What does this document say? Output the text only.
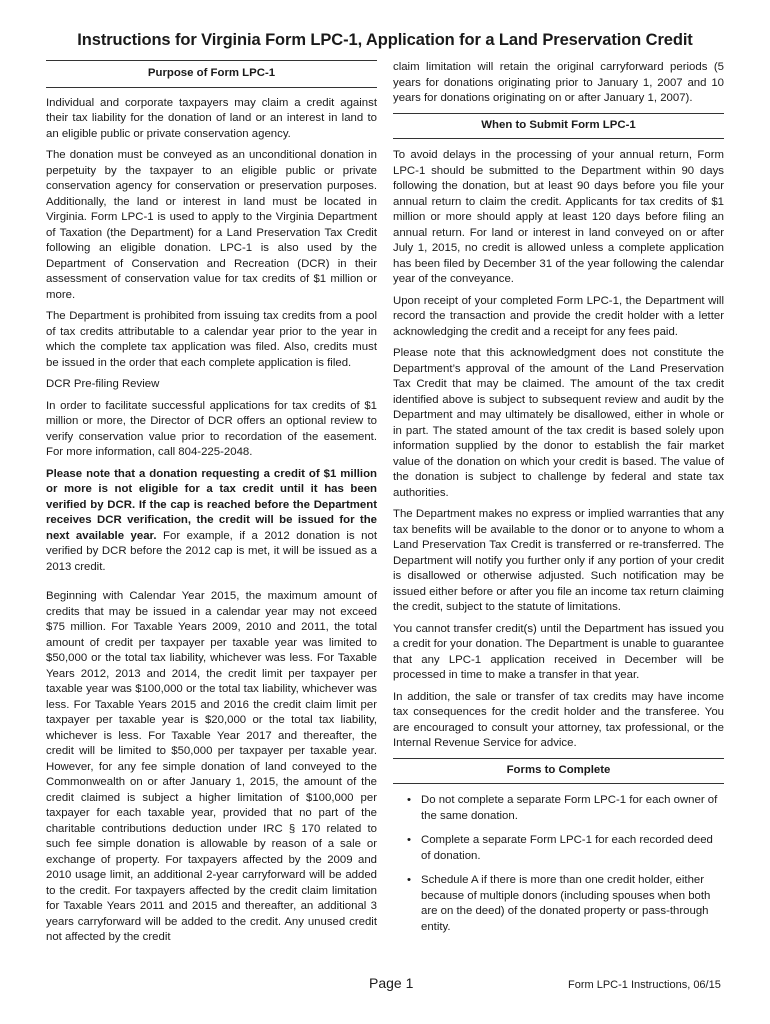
Instructions for Virginia Form LPC-1, Application for a Land Preservation Credit
Purpose of Form LPC-1

Individual and corporate taxpayers may claim a credit against their tax liability for the donation of land or an interest in land to an eligible public or private conservation agency.

The donation must be conveyed as an unconditional donation in perpetuity by the taxpayer to an eligible public or private conservation agency for conservation or preservation purposes. Additionally, the land or interest in land must be located in Virginia. Form LPC-1 is used to apply to the Virginia Department of Taxation (the Department) for a Land Preservation Tax Credit following an eligible donation. LPC-1 is also used by the Department of Conservation and Recreation (DCR) in their assessment of conservation value for tax credits of $1 million or more.

The Department is prohibited from issuing tax credits from a pool of tax credits attributable to a calendar year prior to the year in which the complete tax application was filed. Also, credits must be issued in the order that each complete application is filed.

DCR Pre-filing Review

In order to facilitate successful applications for tax credits of $1 million or more, the Director of DCR offers an optional review to verify conservation value prior to recordation of the easement. For more information, call 804-225-2048.

Please note that a donation requesting a credit of $1 million or more is not eligible for a tax credit until it has been verified by DCR. If the cap is reached before the Department receives DCR verification, the credit will be issued for the next available year. For example, if a 2012 donation is not verified by DCR before the 2012 cap is met, it will be issued as a 2013 credit.

Beginning with Calendar Year 2015, the maximum amount of credits that may be issued in a calendar year may not exceed $75 million. For Taxable Years 2009, 2010 and 2011, the total amount of credit per taxpayer per taxable year was limited to $50,000 or the total tax liability, whichever was less. For Taxable Years 2012, 2013 and 2014, the credit limit per taxpayer per taxable year was $100,000 or the total tax liability, whichever was less. For Taxable Years 2015 and 2016 the credit claim limit per taxpayer per taxable year is $20,000 or the total tax liability, whichever is less. For Taxable Year 2017 and thereafter, the credit will be limited to $50,000 per taxpayer per taxable year. However, for any fee simple donation of land conveyed to the Commonwealth on or after January 1, 2015, the amount of the credit claimed is subject a higher limitation of $100,000 per taxpayer for each taxable year, provided that no part of the charitable contributions deduction under IRC § 170 related to such fee simple donation is allowable by reason of a sale or exchange of property. For taxpayers affected by the 2009 and 2010 usage limit, an additional 2-year carryforward will be added to the credit. For taxpayers affected by the credit claim limitation for Taxable Years 2011 and 2015 and thereafter, an additional 3 years carryforward will be added to the credit. Any unused credit not affected by the credit

claim limitation will retain the original carryforward periods (5 years for donations originating prior to January 1, 2007 and 10 years for donations originating on or after January 1, 2007).

When to Submit Form LPC-1

To avoid delays in the processing of your annual return, Form LPC-1 should be submitted to the Department within 90 days following the donation, but at least 90 days before you file your annual return to claim the credit. Applicants for tax credits of $1 million or more should apply at least 120 days before filing an annual return. For land or interest in land conveyed on or after July 1, 2015, no credit is allowed unless a complete application has been filed by December 31 of the year following the calendar year of the conveyance.

Upon receipt of your completed Form LPC-1, the Department will record the transaction and provide the credit holder with a letter acknowledging the credit and a receipt for any fees paid.

Please note that this acknowledgment does not constitute the Department’s approval of the amount of the Land Preservation Tax Credit that may be claimed. The amount of the tax credit identified above is subject to subsequent review and audit by the Department and may ultimately be disallowed, either in whole or in part. The stated amount of the tax credit is based solely upon information supplied by the donor to establish the fair market value of the donation on which your credit is based. The value of the donation is subject to challenge by federal and state tax authorities.

The Department makes no express or implied warranties that any tax benefits will be available to the donor or to anyone to whom a Land Preservation Tax Credit is transferred or re-transferred. The Department will notify you further only if any portion of your credit is disallowed or otherwise adjusted. Such notification may be issued either before or after you file an income tax return claiming the credit, subject to the statute of limitations.

You cannot transfer credit(s) until the Department has issued you a credit for your donation. The Department is unable to guarantee that any LPC-1 application received in December will be processed in time to make a transfer in that year.

In addition, the sale or transfer of tax credits may have income tax consequences for the credit holder and the transferee. You are encouraged to consult your attorney, tax professional, or the Internal Revenue Service for advice.

Forms to Complete
• Do not complete a separate Form LPC-1 for each owner of the same donation.
• Complete a separate Form LPC-1 for each recorded deed of donation.
• Schedule A if there is more than one credit holder, either because of multiple donors (including spouses when both are on the deed) of the donated property or pass-through entity.
Page 1	Form LPC-1 Instructions, 06/15
